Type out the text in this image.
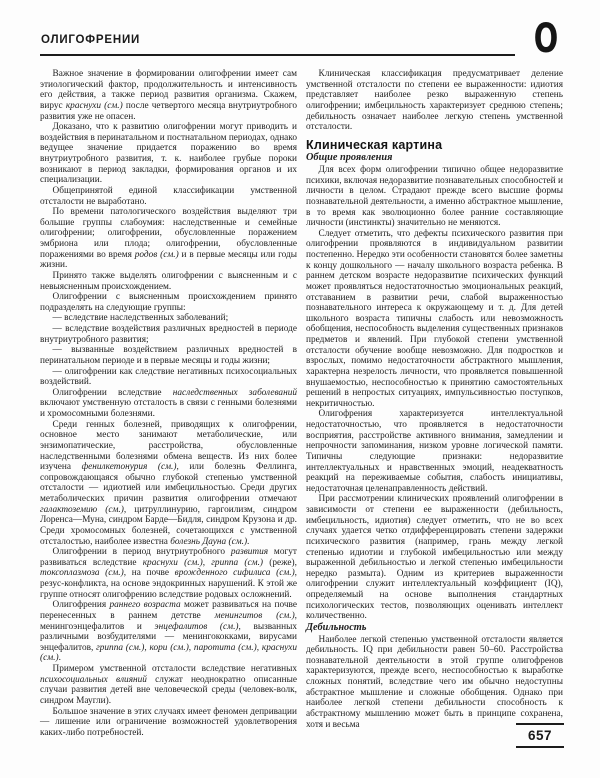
ОЛИГОФРЕНИИ	О

Важное значение в формировании олигофрении имеет сам этиологический фактор, продолжительность и интенсивность его действия, а также период развития организма. Скажем, вирус краснухи (см.) после четвертого месяца внутриутробного развития уже не опасен.

Доказано, что к развитию олигофрении могут приводить и воздействия в перинатальном и постнатальном периодах, однако ведущее значение придается поражению во время внутриутробного развития, т. к. наиболее грубые пороки возникают в период закладки, формирования органов и их специализации.

Общепринятой единой классификации умственной отсталости не выработано.

По времени патологического воздействия выделяют три большие группы слабоумия: наследственные и семейные олигофрении; олигофрении, обусловленные поражением эмбриона или плода; олигофрении, обусловленные поражениями во время родов (см.) и в первые месяцы или годы жизни.

Принято также выделять олигофрении с выясненным и с невыясненным происхождением.

Олигофрении с выясненным происхождением принято подразделять на следующие группы:

— вследствие наследственных заболеваний;

— вследствие воздействия различных вредностей в периоде внутриутробного развития;

— вызванные воздействием различных вредностей в перинатальном периоде и в первые месяцы и годы жизни;

— олигофрении как следствие негативных психосоциальных воздействий.

Олигофрении вследствие наследственных заболеваний включают умственную отсталость в связи с генными болезнями и хромосомными болезнями.

Среди генных болезней, приводящих к олигофрении, основное место занимают метаболические, или энзимопатические, расстройства, обусловленные наследственными болезнями обмена веществ. Из них более изучена фенилкетонурия (см.), или болезнь Феллинга, сопровождающаяся обычно глубокой степенью умственной отсталости — идиотией или имбецильностью. Среди других метаболических причин развития олигофрении отмечают галактоземию (см.), цитруллинурию, гаргоилизм, синдром Лоренса—Муна, синдром Барде—Бидля, синдром Крузона и др. Среди хромосомных болезней, сочетающихся с умственной отсталостью, наиболее известна болезнь Дауна (см.).

Олигофрении в период внутриутробного развития могут развиваться вследствие краснухи (см.), гриппа (см.) (реже), токсоплазмоза (см.), на почве врожденного сифилиса (см.), резус-конфликта, на основе эндокринных нарушений. К этой же группе относят олигофрению вследствие родовых осложнений.

Олигофрения раннего возраста может развиваться на почве перенесенных в раннем детстве менингитов (см.), менингоэнцефалитов и энцефалитов (см.), вызванных различными возбудителями — менингококками, вирусами энцефалитов, гриппа (см.), кори (см.), паротита (см.), краснухи (см.).

Примером умственной отсталости вследствие негативных психосоциальных влияний служат неоднократно описанные случаи развития детей вне человеческой среды (человек-волк, синдром Маугли).

Большое значение в этих случаях имеет феномен депривации — лишение или ограничение возможностей удовлетворения каких-либо потребностей.

Клиническая классификация предусматривает деление умственной отсталости по степени ее выраженности: идиотия представляет наиболее резко выраженную степень олигофрении; имбецильность характеризует среднюю степень; дебильность означает наиболее легкую степень умственной отсталости.

Клиническая картина
Общие проявления

Для всех форм олигофрении типично общее недоразвитие психики, включая недоразвитие познавательных способностей и личности в целом. Страдают прежде всего высшие формы познавательной деятельности, а именно абстрактное мышление, в то время как эволюционно более ранние составляющие личности (инстинкты) значительно не меняются.

Следует отметить, что дефекты психического развития при олигофрении проявляются в индивидуальном развитии постепенно. Нередко эти особенности становятся более заметны к концу дошкольного — началу школьного возраста ребенка. В раннем детском возрасте недоразвитие психических функций может проявляться недостаточностью эмоциональных реакций, отставанием в развитии речи, слабой выраженностью познавательного интереса к окружающему и т. д. Для детей школьного возраста типичны слабость или невозможность обобщения, неспособность выделения существенных признаков предметов и явлений. При глубокой степени умственной отсталости обучение вообще невозможно. Для подростков и взрослых, помимо недостаточности абстрактного мышления, характерна незрелость личности, что проявляется повышенной внушаемостью, неспособностью к принятию самостоятельных решений в непростых ситуациях, импульсивностью поступков, некритичностью.

Олигофрения характеризуется интеллектуальной недостаточностью, что проявляется в недостаточности восприятия, расстройстве активного внимания, замедлении и непрочности запоминания, низком уровне логической памяти. Типичны следующие признаки: недоразвитие интеллектуальных и нравственных эмоций, неадекватность реакций на переживаемые события, слабость инициативы, недостаточная целенаправленность действий.

При рассмотрении клинических проявлений олигофрении в зависимости от степени ее выраженности (дебильность, имбецильность, идиотия) следует отметить, что не во всех случаях удается четко отдифференцировать степени задержки психического развития (например, грань между легкой степенью идиотии и глубокой имбецильностью или между выраженной дебильностью и легкой степенью имбецильности нередко размыта). Одним из критериев выраженности олигофрении служит интеллектуальный коэффициент (IQ), определяемый на основе выполнения стандартных психологических тестов, позволяющих оценивать интеллект количественно.

Дебильность

Наиболее легкой степенью умственной отсталости является дебильность. IQ при дебильности равен 50–60. Расстройства познавательной деятельности в этой группе олигофренов характеризуются, прежде всего, неспособностью к выработке сложных понятий, вследствие чего им обычно недоступны абстрактное мышление и сложные обобщения. Однако при наиболее легкой степени дебильности способность к абстрактному мышлению может быть в принципе сохранена, хотя и весьма

657
